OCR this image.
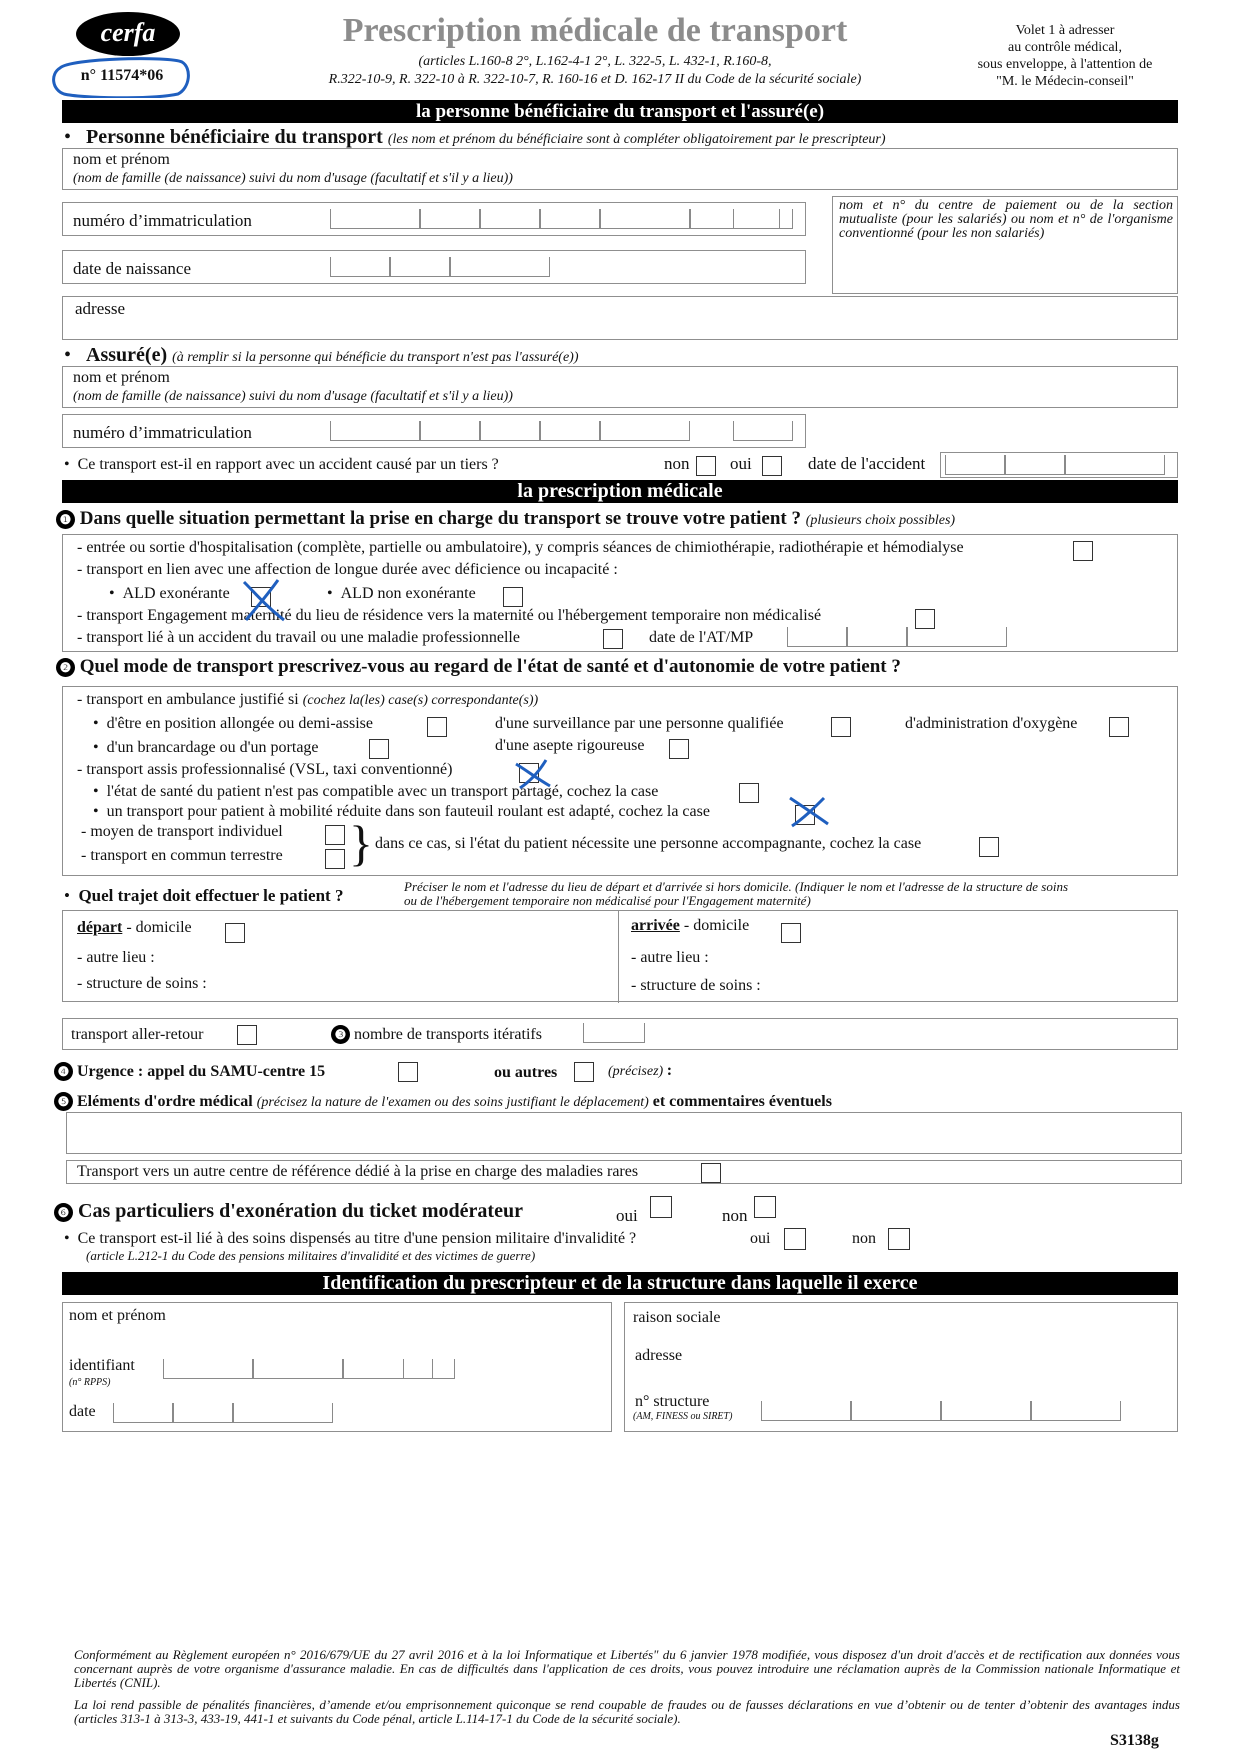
cerfa
n° 11574*06
Prescription médicale de transport
(articles L.160-8 2°, L.162-4-1 2°, L. 322-5, L. 432-1, R.160-8,
R.322-10-9, R. 322-10 à R. 322-10-7, R. 160-16 et D. 162-17 II du Code de la sécurité sociale)
Volet 1 à adresser
au contrôle médical,
sous enveloppe, à l'attention de
"M. le Médecin-conseil"
la personne bénéficiaire du transport et l'assuré(e)
• Personne bénéficiaire du transport (les nom et prénom du bénéficiaire sont à compléter obligatoirement par le prescripteur)
nom et prénom
(nom de famille (de naissance) suivi du nom d'usage (facultatif et s'il y a lieu))
numéro d’immatriculation
nom et n° du centre de paiement ou de la section mutualiste (pour les salariés) ou nom et n° de l'organisme conventionné (pour les non salariés)
date de naissance
adresse
• Assuré(e) (à remplir si la personne qui bénéficie du transport n'est pas l'assuré(e))
nom et prénom
(nom de famille (de naissance) suivi du nom d'usage (facultatif et s'il y a lieu))
numéro d’immatriculation
•  Ce transport est-il en rapport avec un accident causé par un tiers ?	non oui	date de l'accident
la prescription médicale
❶ Dans quelle situation permettant la prise en charge du transport se trouve votre patient ? (plusieurs choix possibles)
- entrée ou sortie d'hospitalisation (complète, partielle ou ambulatoire), y compris séances de chimiothérapie, radiothérapie et hémodialyse
- transport en lien avec une affection de longue durée avec déficience ou incapacité :
•  ALD exonérante	•  ALD non exonérante
- transport Engagement maternité du lieu de résidence vers la maternité ou l'hébergement temporaire non médicalisé
- transport lié à un accident du travail ou une maladie professionnelle	date de l'AT/MP
❷ Quel mode de transport prescrivez-vous au regard de l'état de santé et d'autonomie de votre patient ?
- transport en ambulance justifié si (cochez la(les) case(s) correspondante(s))
•  d'être en position allongée ou demi-assise	d'une surveillance par une personne qualifiée	d'administration d'oxygène
•  d'un brancardage ou d'un portage	d'une asepte rigoureuse
- transport assis professionnalisé (VSL, taxi conventionné)
•  l'état de santé du patient n'est pas compatible avec un transport partagé, cochez la case
•  un transport pour patient à mobilité réduite dans son fauteuil roulant est adapté, cochez la case
- moyen de transport individuel
- transport en commun terrestre } dans ce cas, si l'état du patient nécessite une personne accompagnante, cochez la case
•  Quel trajet doit effectuer le patient ?	Préciser le nom et l'adresse du lieu de départ et d'arrivée si hors domicile. (Indiquer le nom et l'adresse de la structure de soins
ou de l'hébergement temporaire non médicalisé pour l'Engagement maternité)
départ - domicile
- autre lieu :
- structure de soins :
arrivée - domicile
- autre lieu :
- structure de soins :
transport aller-retour	❸ nombre de transports itératifs
❹ Urgence : appel du SAMU-centre 15	ou autres	(précisez) :
❺ Eléments d'ordre médical (précisez la nature de l'examen ou des soins justifiant le déplacement) et commentaires éventuels
Transport vers un autre centre de référence dédié à la prise en charge des maladies rares
❻ Cas particuliers d'exonération du ticket modérateur	oui	non
•  Ce transport est-il lié à des soins dispensés au titre d'une pension militaire d'invalidité ?	oui	non
(article L.212-1 du Code des pensions militaires d'invalidité et des victimes de guerre)
Identification du prescripteur et de la structure dans laquelle il exerce
nom et prénom
identifiant
(n° RPPS)
date
raison sociale
adresse
n° structure
(AM, FINESS ou SIRET)
Conformément au Règlement européen n° 2016/679/UE du 27 avril 2016 et à la loi Informatique et Libertés" du 6 janvier 1978 modifiée, vous disposez d'un droit d'accès et de rectification aux données vous concernant auprès de votre organisme d'assurance maladie. En cas de difficultés dans l'application de ces droits, vous pouvez introduire une réclamation auprès de la Commission nationale Informatique et Libertés (CNIL).
La loi rend passible de pénalités financières, d’amende et/ou emprisonnement quiconque se rend coupable de fraudes ou de fausses déclarations en vue d’obtenir ou de tenter d’obtenir des avantages indus (articles 313-1 à 313-3, 433-19, 441-1 et suivants du Code pénal, article L.114-17-1 du Code de la sécurité sociale).
S3138g
